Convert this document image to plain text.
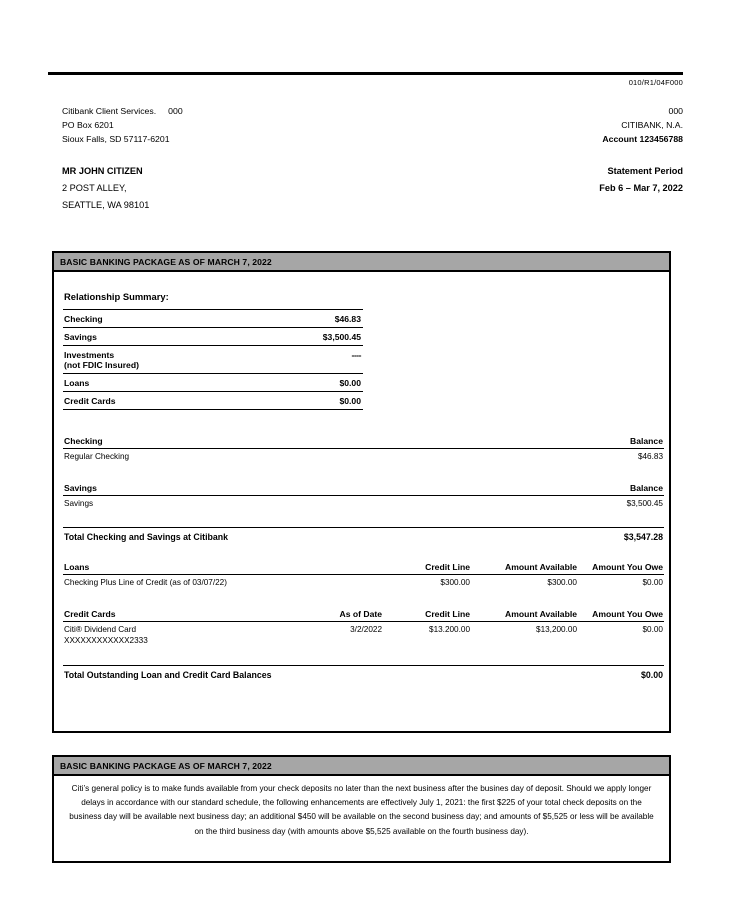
010/R1/04F000
Citibank Client Services. 000
PO Box 6201
Sioux Falls, SD 57117-6201
000
CITIBANK, N.A.
Account 123456788
MR JOHN CITIZEN
2 POST ALLEY,
SEATTLE, WA 98101
Statement Period
Feb 6 – Mar 7, 2022
BASIC BANKING PACKAGE AS OF MARCH 7, 2022
Relationship Summary:
Checking	$46.83
Savings	$3,500.45
Investments	----
(not FDIC Insured)	
Loans	$0.00
Credit Cards	$0.00
Checking	Balance
Regular Checking	$46.83

Savings	Balance
Savings	$3,500.45

Total Checking and Savings at Citibank	$3,547.28
Loans		Credit Line	Amount Available	Amount You Owe
Checking Plus Line of Credit (as of 03/07/22)		$300.00	$300.00	$0.00

Credit Cards	As of Date	Credit Line	Amount Available	Amount You Owe
Citi® Dividend Card	3/2/2022	$13.200.00	$13,200.00	$0.00
XXXXXXXXXXXX2333				

Total Outstanding Loan and Credit Card Balances				$0.00
BASIC BANKING PACKAGE AS OF MARCH 7, 2022
Citi’s general policy is to make funds available from your check deposits no later than the next business after the busines day of deposit. Should we apply longer delays in accordance with our standard schedule, the following enhancements are effectively July 1, 2021: the first $225 of your total check deposits on the business day will be available next business day; an additional $450 will be available on the second business day; and amounts of $5,525 or less will be available on the third business day (with amounts above $5,525 available on the fourth business day).
